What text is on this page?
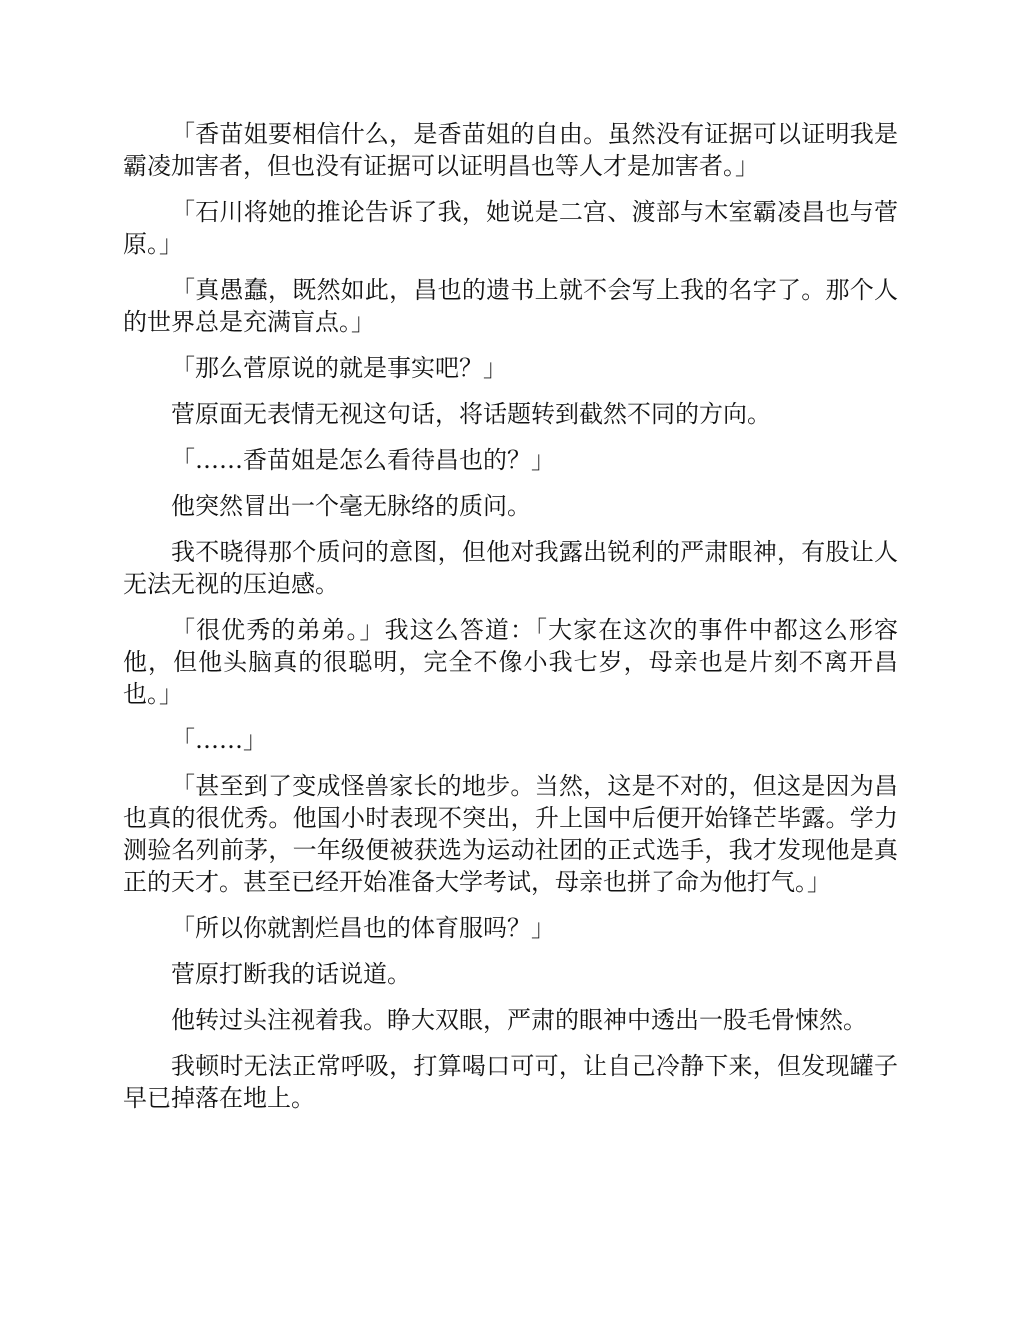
「香苗姐要相信什么，是香苗姐的自由。虽然没有证据可以证明我是霸凌加害者，但也没有证据可以证明昌也等人才是加害者。」

「石川将她的推论告诉了我，她说是二宫、渡部与木室霸凌昌也与菅原。」

「真愚蠢，既然如此，昌也的遗书上就不会写上我的名字了。那个人的世界总是充满盲点。」

「那么菅原说的就是事实吧？」

菅原面无表情无视这句话，将话题转到截然不同的方向。

「……香苗姐是怎么看待昌也的？」

他突然冒出一个毫无脉络的质问。

我不晓得那个质问的意图，但他对我露出锐利的严肃眼神，有股让人无法无视的压迫感。

「很优秀的弟弟。」我这么答道：「大家在这次的事件中都这么形容他，但他头脑真的很聪明，完全不像小我七岁，母亲也是片刻不离开昌也。」

「……」

「甚至到了变成怪兽家长的地步。当然，这是不对的，但这是因为昌也真的很优秀。他国小时表现不突出，升上国中后便开始锋芒毕露。学力测验名列前茅，一年级便被获选为运动社团的正式选手，我才发现他是真正的天才。甚至已经开始准备大学考试，母亲也拼了命为他打气。」

「所以你就割烂昌也的体育服吗？」

菅原打断我的话说道。

他转过头注视着我。睁大双眼，严肃的眼神中透出一股毛骨悚然。

我顿时无法正常呼吸，打算喝口可可，让自己冷静下来，但发现罐子早已掉落在地上。
